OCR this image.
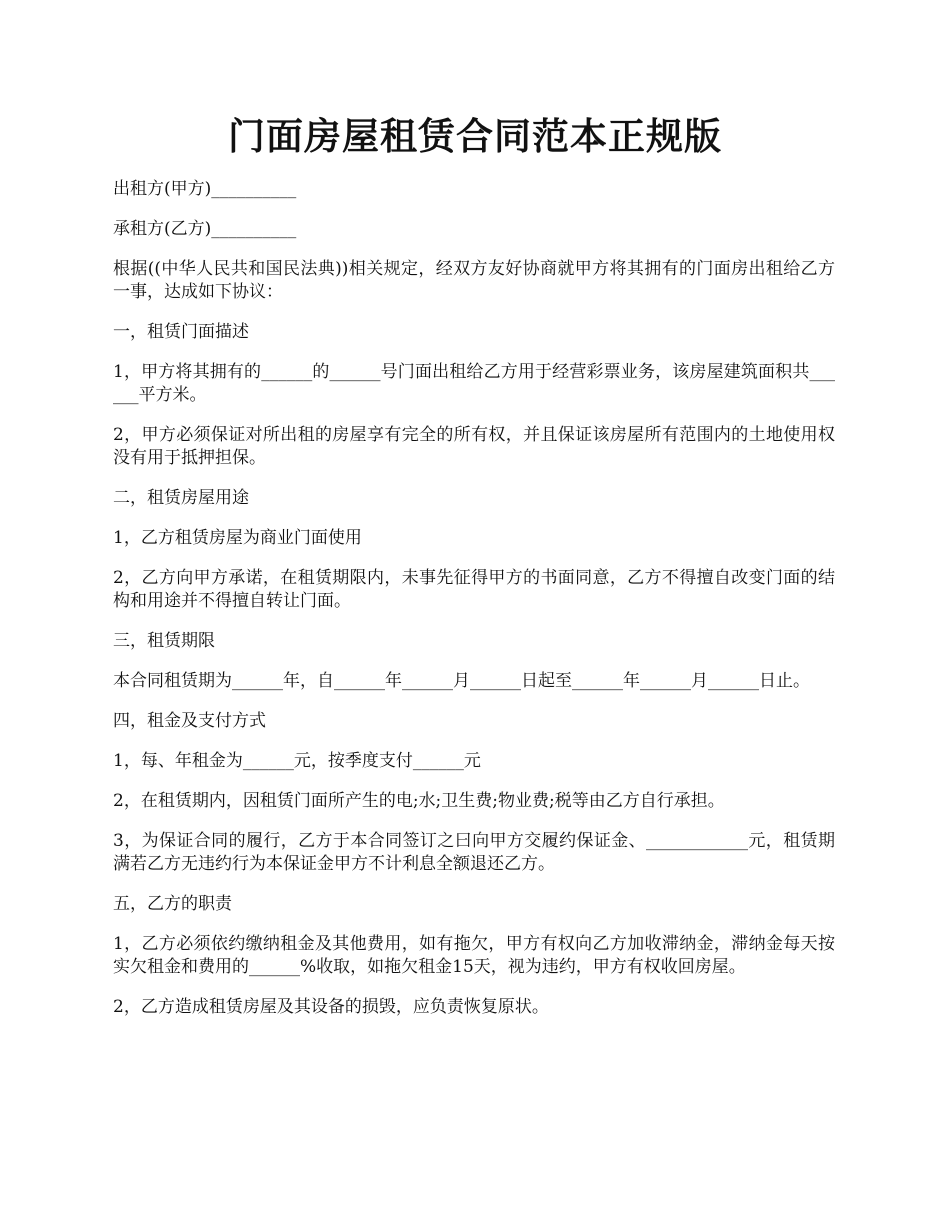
门面房屋租赁合同范本正规版

出租方(甲方)__________

承租方(乙方)__________

根据((中华人民共和国民法典))相关规定，经双方友好协商就甲方将其拥有的门面房出租给乙方一事，达成如下协议：

一，租赁门面描述

1，甲方将其拥有的______的______号门面出租给乙方用于经营彩票业务，该房屋建筑面积共______平方米。

2，甲方必须保证对所出租的房屋享有完全的所有权，并且保证该房屋所有范围内的土地使用权没有用于抵押担保。

二，租赁房屋用途

1，乙方租赁房屋为商业门面使用

2，乙方向甲方承诺，在租赁期限内，未事先征得甲方的书面同意，乙方不得擅自改变门面的结构和用途并不得擅自转让门面。

三，租赁期限

本合同租赁期为______年，自______年______月______日起至______年______月______日止。

四，租金及支付方式

1，每、年租金为______元，按季度支付______元

2，在租赁期内，因租赁门面所产生的电;水;卫生费;物业费;税等由乙方自行承担。

3，为保证合同的履行，乙方于本合同签订之曰向甲方交履约保证金、____________元，租赁期满若乙方无违约行为本保证金甲方不计利息全额退还乙方。

五，乙方的职责

1，乙方必须依约缴纳租金及其他费用，如有拖欠，甲方有权向乙方加收滞纳金，滞纳金每天按实欠租金和费用的______%收取，如拖欠租金15天，视为违约，甲方有权收回房屋。

2，乙方造成租赁房屋及其设备的损毁，应负责恢复原状。
